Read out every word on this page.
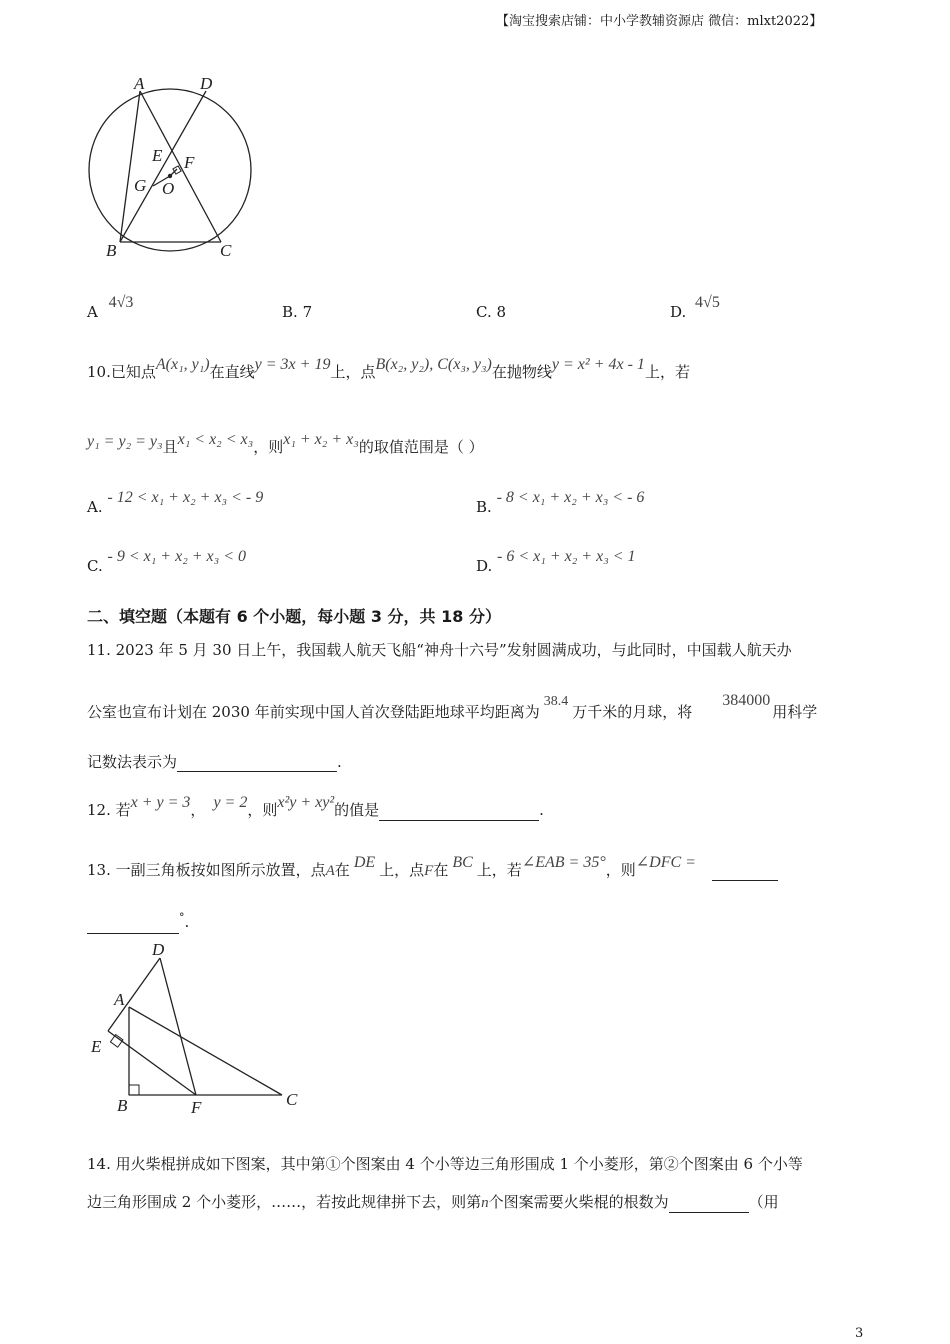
【淘宝搜索店铺：中小学教辅资源店 微信：mlxt2022】
A	D
E F
G O
B	C
A 4√3
B. 7	C. 8	D. 4√5
10.已知点A(x₁, y₁)在直线y = 3x + 19上，点B(x₂, y₂), C(x₃, y₃)在抛物线y = x² + 4x - 1上，若
y₁ = y₂ = y₃且x₁ < x₂ < x₃，则x₁ + x₂ + x₃的取值范围是（ ）
A. - 12 < x₁ + x₂ + x₃ < - 9
B. - 8 < x₁ + x₂ + x₃ < - 6
C. - 9 < x₁ + x₂ + x₃ < 0
D. - 6 < x₁ + x₂ + x₃ < 1
二、填空题（本题有 6 个小题，每小题 3 分，共 18 分）
11. 2023 年 5 月 30 日上午，我国载人航天飞船“神舟十六号”发射圆满成功，与此同时，中国载人航天办
公室也宣布计划在 2030 年前实现中国人首次登陆距地球平均距离为38.4万千米的月球，将384000用科学
记数法表示为	.
12. 若x + y = 3， y = 2，则x²y + xy²的值是	.
13. 一副三角板按如图所示放置，点A在 DE 上，点F在 BC 上，若∠EAB = 35°，则∠DFC =
°.
D
A
E
B	F	C
14. 用火柴棍拼成如下图案，其中第①个图案由 4 个小等边三角形围成 1 个小菱形，第②个图案由 6 个小等
边三角形围成 2 个小菱形，……，若按此规律拼下去，则第n个图案需要火柴棍的根数为	（用
3
